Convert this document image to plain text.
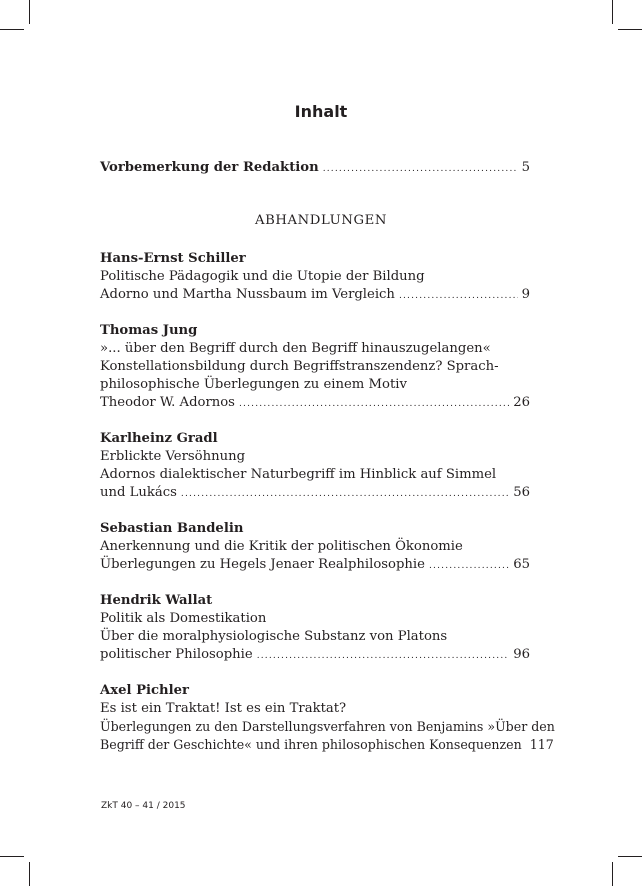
Inhalt
Vorbemerkung der Redaktion .....	5
ABHANDLUNGEN
Hans-Ernst Schiller
Politische Pädagogik und die Utopie der Bildung
Adorno und Martha Nussbaum im Vergleich .....	9
Thomas Jung
»... über den Begriff durch den Begriff hinauszugelangen«
Konstellationsbildung durch Begriffstranszendenz? Sprach-
philosophische Überlegungen zu einem Motiv
Theodor W. Adornos .....	26
Karlheinz Gradl
Erblickte Versöhnung
Adornos dialektischer Naturbegriff im Hinblick auf Simmel
und Lukács .....	56
Sebastian Bandelin
Anerkennung und die Kritik der politischen Ökonomie
Überlegungen zu Hegels Jenaer Realphilosophie .....	65
Hendrik Wallat
Politik als Domestikation
Über die moralphysiologische Substanz von Platons
politischer Philosophie .....	96
Axel Pichler
Es ist ein Traktat! Ist es ein Traktat?
Überlegungen zu den Darstellungsverfahren von Benjamins »Über den
Begriff der Geschichte« und ihren philosophischen Konsequenzen 117
ZkT 40 – 41 / 2015
